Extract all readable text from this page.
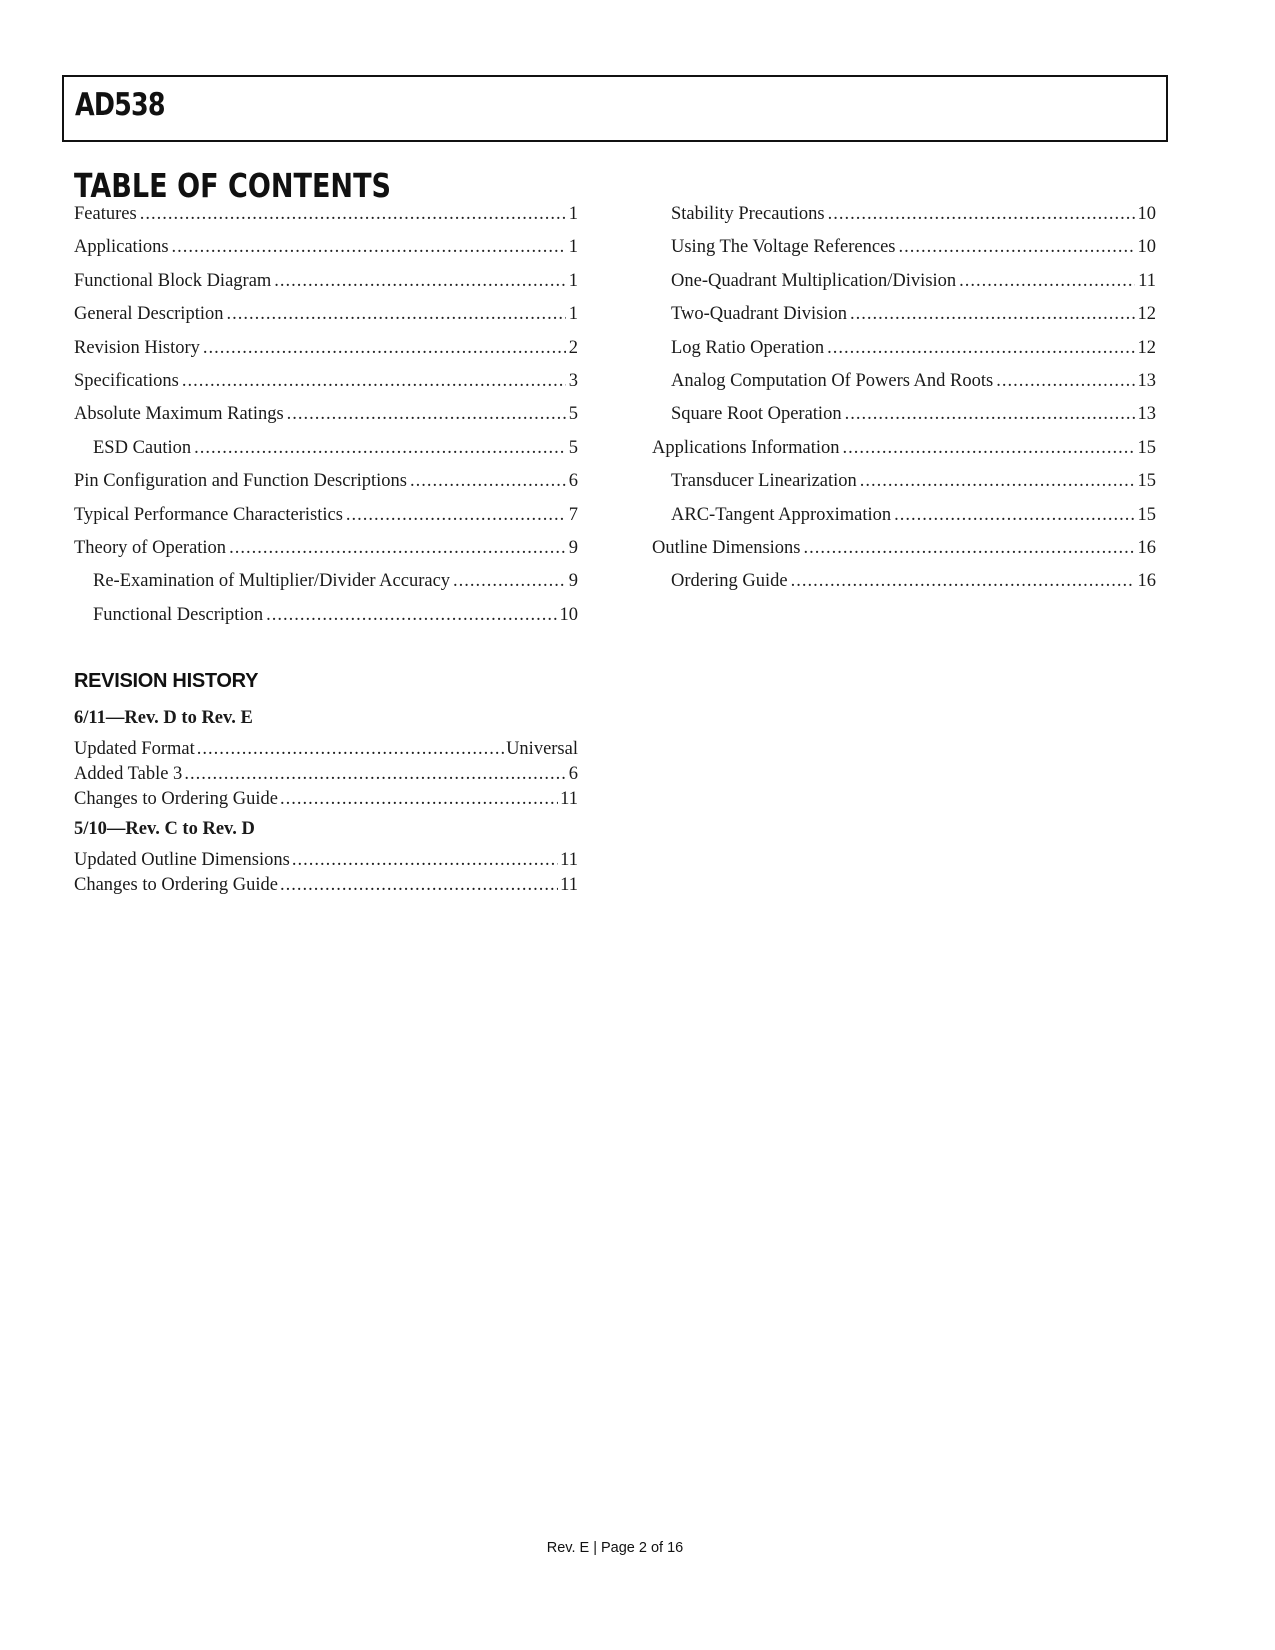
AD538
TABLE OF CONTENTS
Features .....	1
Applications .....	1
Functional Block Diagram .....	1
General Description .....	1
Revision History .....	2
Specifications .....	3
Absolute Maximum Ratings .....	5
ESD Caution .....	5
Pin Configuration and Function Descriptions .....	6
Typical Performance Characteristics .....	7
Theory of Operation .....	9
Re-Examination of Multiplier/Divider Accuracy .....	9
Functional Description .....	10
Stability Precautions .....	10
Using The Voltage References .....	10
One-Quadrant Multiplication/Division .....	11
Two-Quadrant Division .....	12
Log Ratio Operation .....	12
Analog Computation Of Powers And Roots .....	13
Square Root Operation .....	13
Applications Information .....	15
Transducer Linearization .....	15
ARC-Tangent Approximation .....	15
Outline Dimensions .....	16
Ordering Guide .....	16
REVISION HISTORY
6/11—Rev. D to Rev. E
Updated Format .....	Universal
Added Table 3 .....	6
Changes to Ordering Guide .....	11
5/10—Rev. C to Rev. D
Updated Outline Dimensions .....	11
Changes to Ordering Guide .....	11
Rev. E | Page 2 of 16
